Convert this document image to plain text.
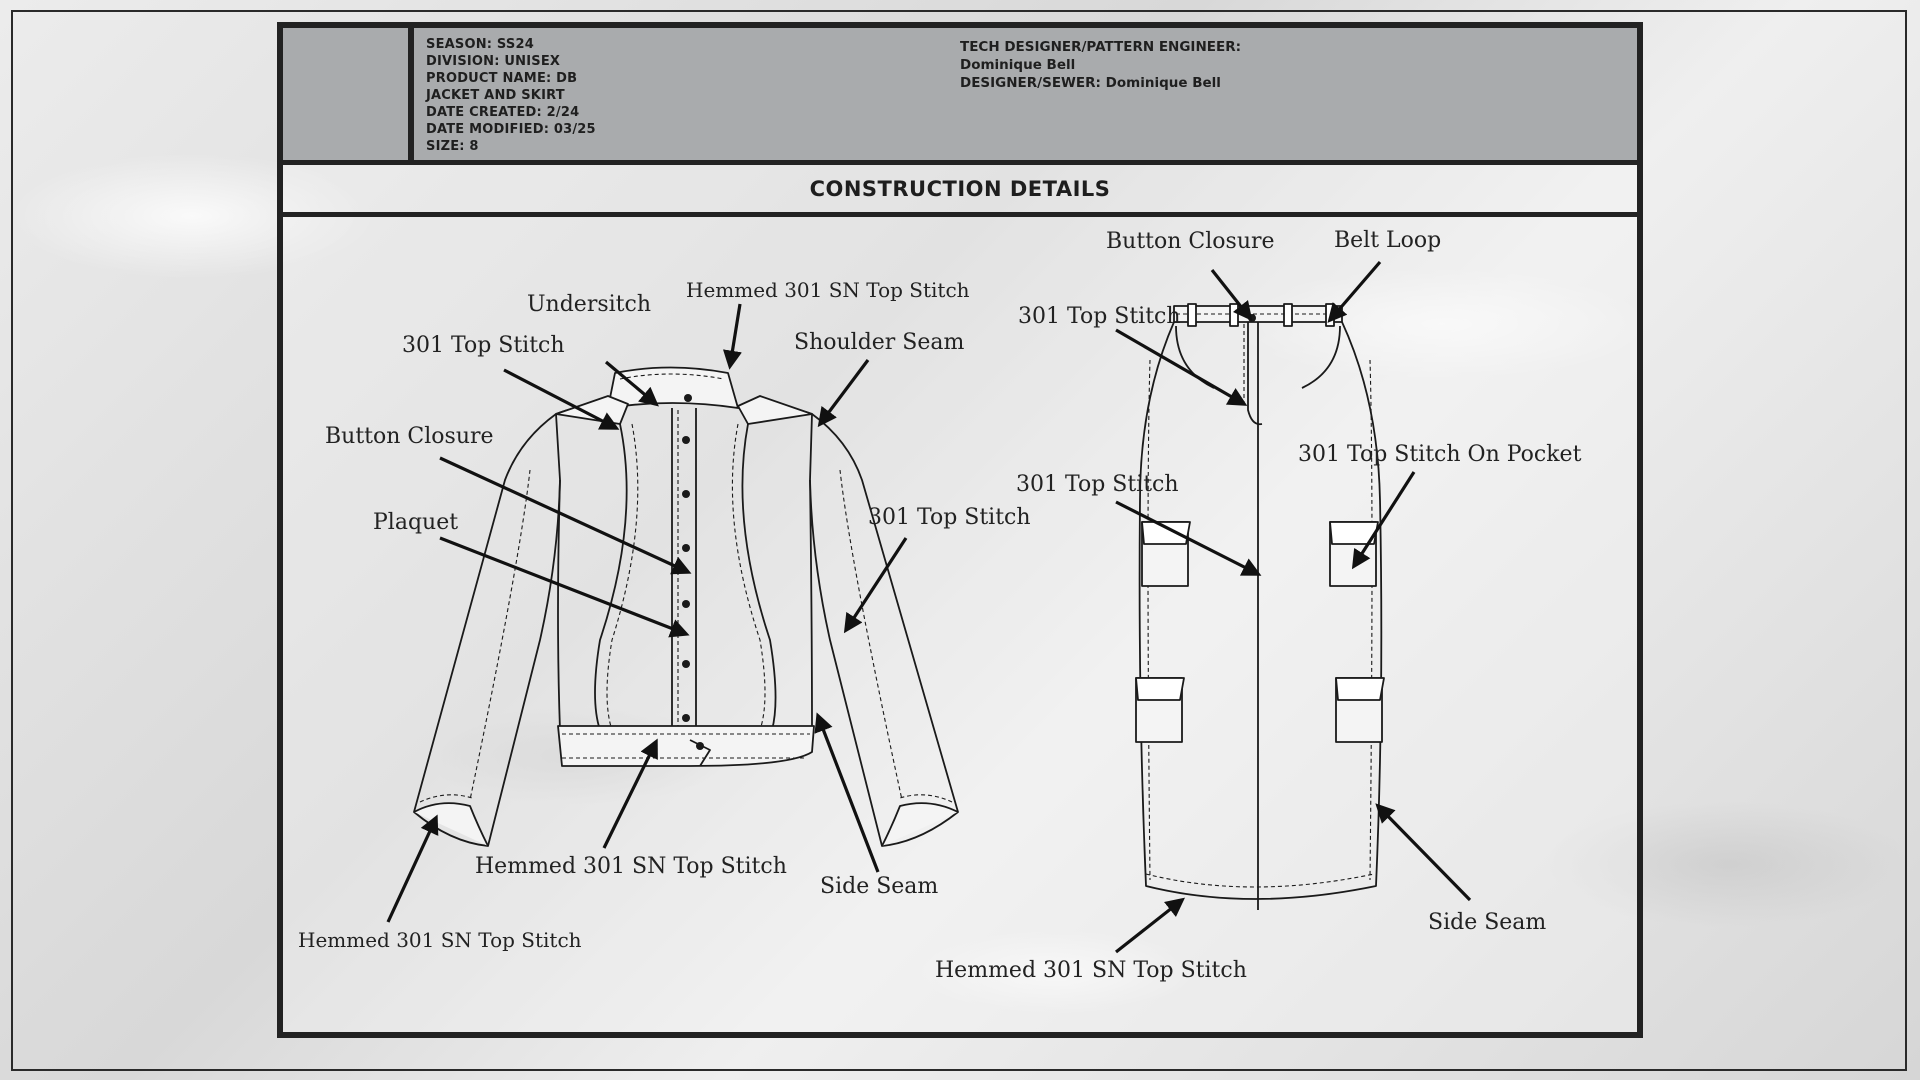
SEASON: SS24
DIVISION: UNISEX
PRODUCT NAME: DB
JACKET AND SKIRT
DATE CREATED: 2/24
DATE MODIFIED: 03/25
SIZE: 8
TECH DESIGNER/PATTERN ENGINEER:
Dominique Bell
DESIGNER/SEWER: Dominique Bell
CONSTRUCTION DETAILS
Undersitch
Hemmed 301 SN Top Stitch
301 Top Stitch	Shoulder Seam
Button Closure
Plaquet	301 Top Stitch
Hemmed 301 SN Top Stitch
Side Seam
Hemmed 301 SN Top Stitch
Button Closure	Belt Loop
301 Top Stitch
301 Top Stitch
301 Top Stitch On Pocket
Hemmed 301 SN Top Stitch
Side Seam
